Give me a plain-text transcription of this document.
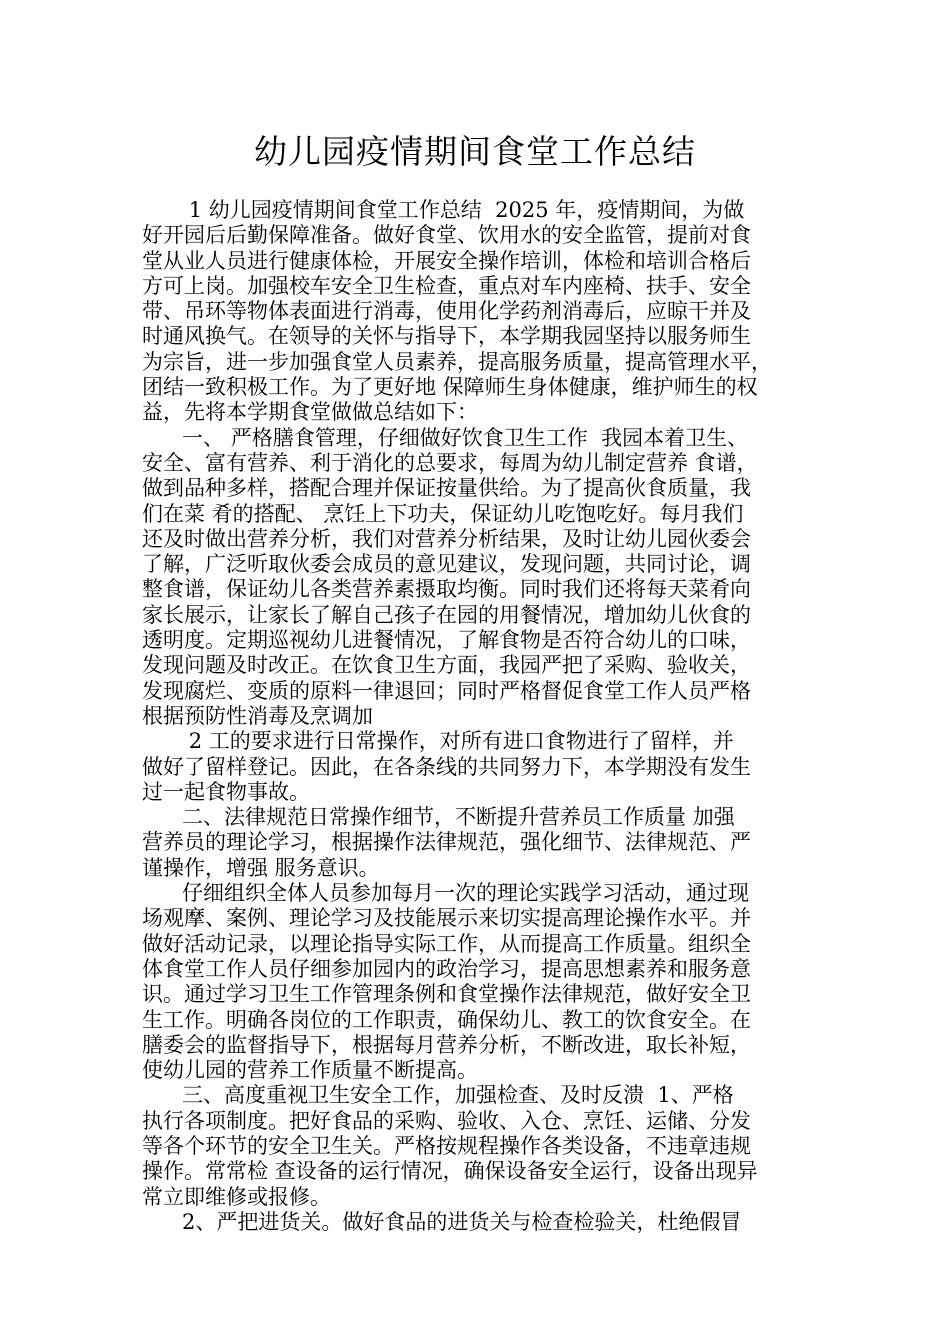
幼儿园疫情期间食堂工作总结
1 幼儿园疫情期间食堂工作总结  2025 年，疫情期间，为做
好开园后后勤保障准备。做好食堂、饮用水的安全监管，提前对食
堂从业人员进行健康体检，开展安全操作培训，体检和培训合格后
方可上岗。加强校车安全卫生检查，重点对车内座椅、扶手、安全
带、吊环等物体表面进行消毒，使用化学药剂消毒后，应晾干并及
时通风换气。在领导的关怀与指导下，本学期我园坚持以服务师生
为宗旨，进一步加强食堂人员素养，提高服务质量，提高管理水平，
团结一致积极工作。为了更好地 保障师生身体健康，维护师生的权
益，先将本学期食堂做做总结如下：
一、 严格膳食管理，仔细做好饮食卫生工作  我园本着卫生、
安全、富有营养、利于消化的总要求，每周为幼儿制定营养 食谱，
做到品种多样，搭配合理并保证按量供给。为了提高伙食质量，我
们在菜 肴的搭配、 烹饪上下功夫，保证幼儿吃饱吃好。每月我们
还及时做出营养分析，我们对营养分析结果，及时让幼儿园伙委会
了解，广泛听取伙委会成员的意见建议，发现问题，共同讨论，调
整食谱，保证幼儿各类营养素摄取均衡。同时我们还将每天菜肴向
家长展示，让家长了解自己孩子在园的用餐情况，增加幼儿伙食的
透明度。定期巡视幼儿进餐情况，了解食物是否符合幼儿的口味，
发现问题及时改正。在饮食卫生方面，我园严把了采购、验收关，
发现腐烂、变质的原料一律退回；同时严格督促食堂工作人员严格
根据预防性消毒及烹调加
2 工的要求进行日常操作，对所有进口食物进行了留样，并
做好了留样登记。因此，在各条线的共同努力下，本学期没有发生
过一起食物事故。
二、法律规范日常操作细节，不断提升营养员工作质量 加强
营养员的理论学习，根据操作法律规范，强化细节、法律规范、严
谨操作，增强 服务意识。
仔细组织全体人员参加每月一次的理论实践学习活动，通过现
场观摩、案例、理论学习及技能展示来切实提高理论操作水平。并
做好活动记录，以理论指导实际工作，从而提高工作质量。组织全
体食堂工作人员仔细参加园内的政治学习，提高思想素养和服务意
识。通过学习卫生工作管理条例和食堂操作法律规范，做好安全卫
生工作。明确各岗位的工作职责，确保幼儿、教工的饮食安全。在
膳委会的监督指导下，根据每月营养分析，不断改进，取长补短，
使幼儿园的营养工作质量不断提高。
三、高度重视卫生安全工作，加强检查、及时反溃  1、严格
执行各项制度。把好食品的采购、验收、入仓、烹饪、运储、分发
等各个环节的安全卫生关。严格按规程操作各类设备，不违章违规
操作。常常检 查设备的运行情况，确保设备安全运行，设备出现异
常立即维修或报修。
2、严把进货关。做好食品的进货关与检查检验关，杜绝假冒
